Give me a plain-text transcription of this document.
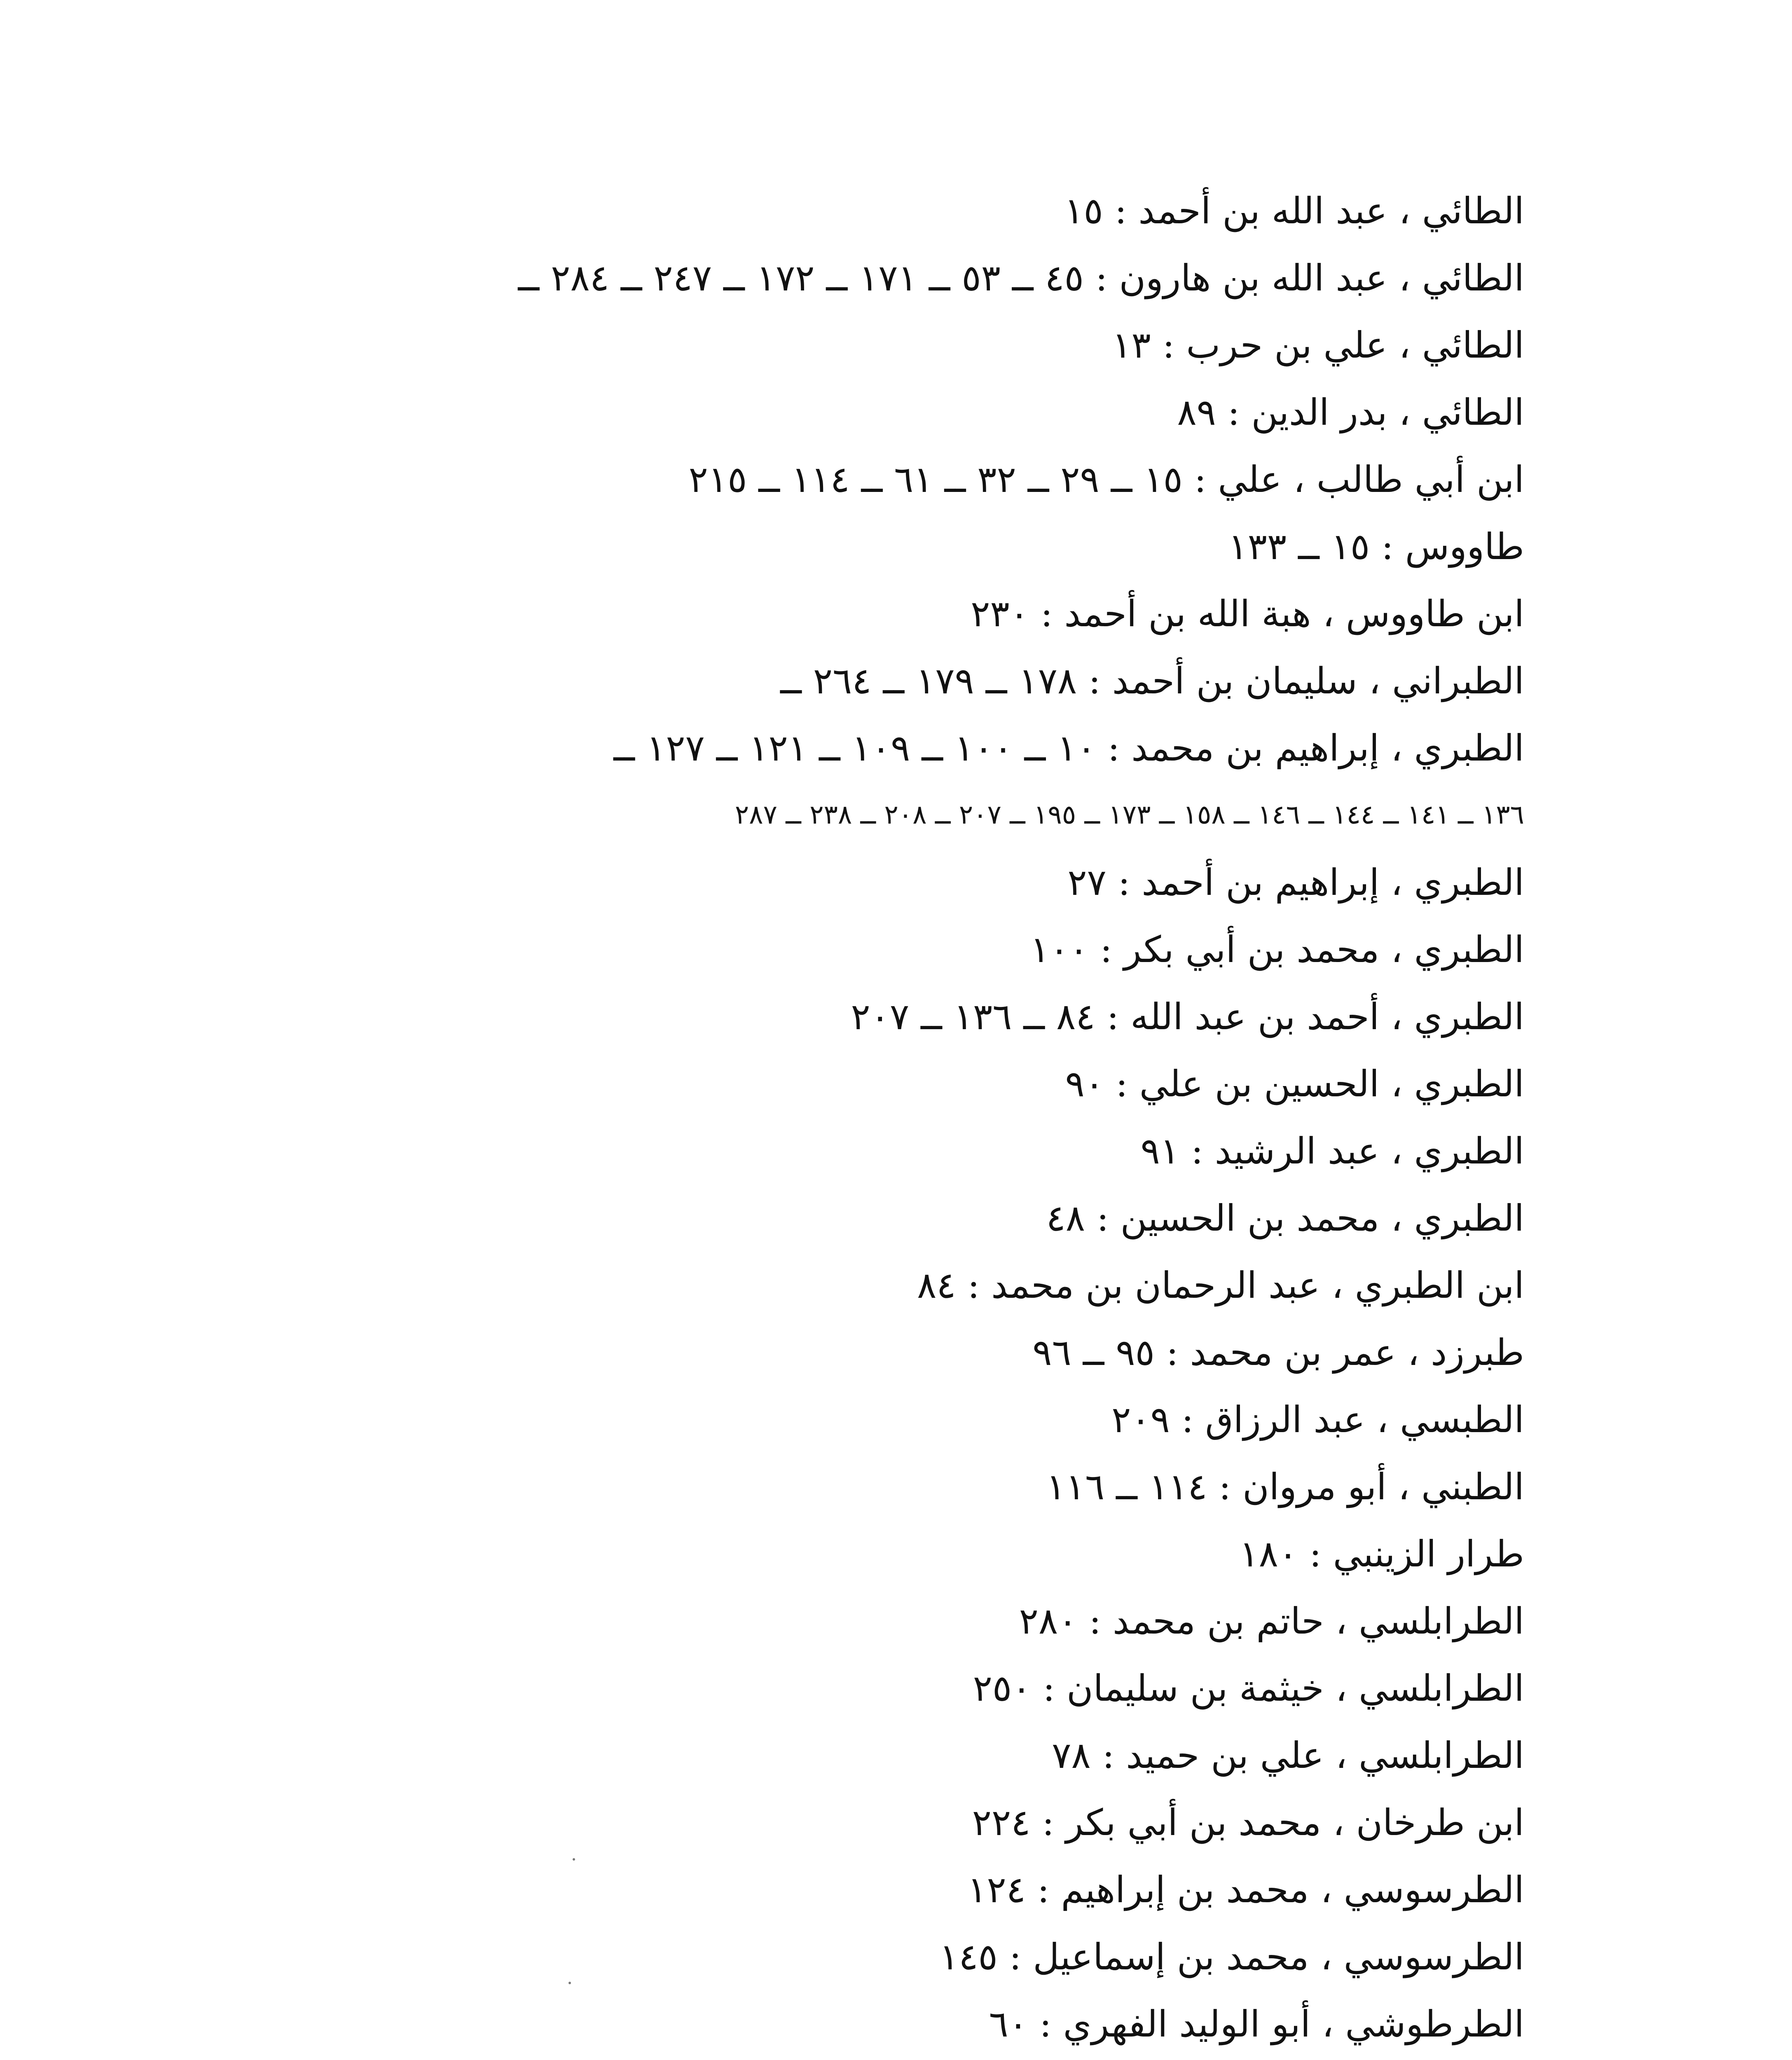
الطائي ، عبد الله بن أحمد : ١٥
الطائي ، عبد الله بن هارون : ٤٥ ــ ٥٣ ــ ١٧١ ــ ١٧٢ ــ ٢٤٧ ــ ٢٨٤ ــ
الطائي ، علي بن حرب : ١٣
الطائي ، بدر الدين : ٨٩
ابن أبي طالب ، علي : ١٥ ــ ٢٩ ــ ٣٢ ــ ٦١ ــ ١١٤ ــ ٢١٥
طاووس : ١٥ ــ ١٣٣
ابن طاووس ، هبة الله بن أحمد : ٢٣٠
الطبراني ، سليمان بن أحمد : ١٧٨ ــ ١٧٩ ــ ٢٦٤ ــ
الطبري ، إبراهيم بن محمد : ١٠ ــ ١٠٠ ــ ١٠٩ ــ ١٢١ ــ ١٢٧ ــ
١٣٦ ــ ١٤١ ــ ١٤٤ ــ ١٤٦ ــ ١٥٨ ــ ١٧٣ ــ ١٩٥ ــ ٢٠٧ ــ ٢٠٨ ــ ٢٣٨ ــ ٢٨٧
الطبري ، إبراهيم بن أحمد : ٢٧
الطبري ، محمد بن أبي بكر : ١٠٠
الطبري ، أحمد بن عبد الله : ٨٤ ــ ١٣٦ ــ ٢٠٧
الطبري ، الحسين بن علي : ٩٠
الطبري ، عبد الرشيد : ٩١
الطبري ، محمد بن الحسين : ٤٨
ابن الطبري ، عبد الرحمان بن محمد : ٨٤
طبرزد ، عمر بن محمد : ٩٥ ــ ٩٦
الطبسي ، عبد الرزاق : ٢٠٩
الطبني ، أبو مروان : ١١٤ ــ ١١٦
طرار الزينبي : ١٨٠
الطرابلسي ، حاتم بن محمد : ٢٨٠
الطرابلسي ، خيثمة بن سليمان : ٢٥٠
الطرابلسي ، علي بن حميد : ٧٨
ابن طرخان ، محمد بن أبي بكر : ٢٢٤
الطرسوسي ، محمد بن إبراهيم : ١٢٤
الطرسوسي ، محمد بن إسماعيل : ١٤٥
الطرطوشي ، أبو الوليد الفهري : ٦٠
